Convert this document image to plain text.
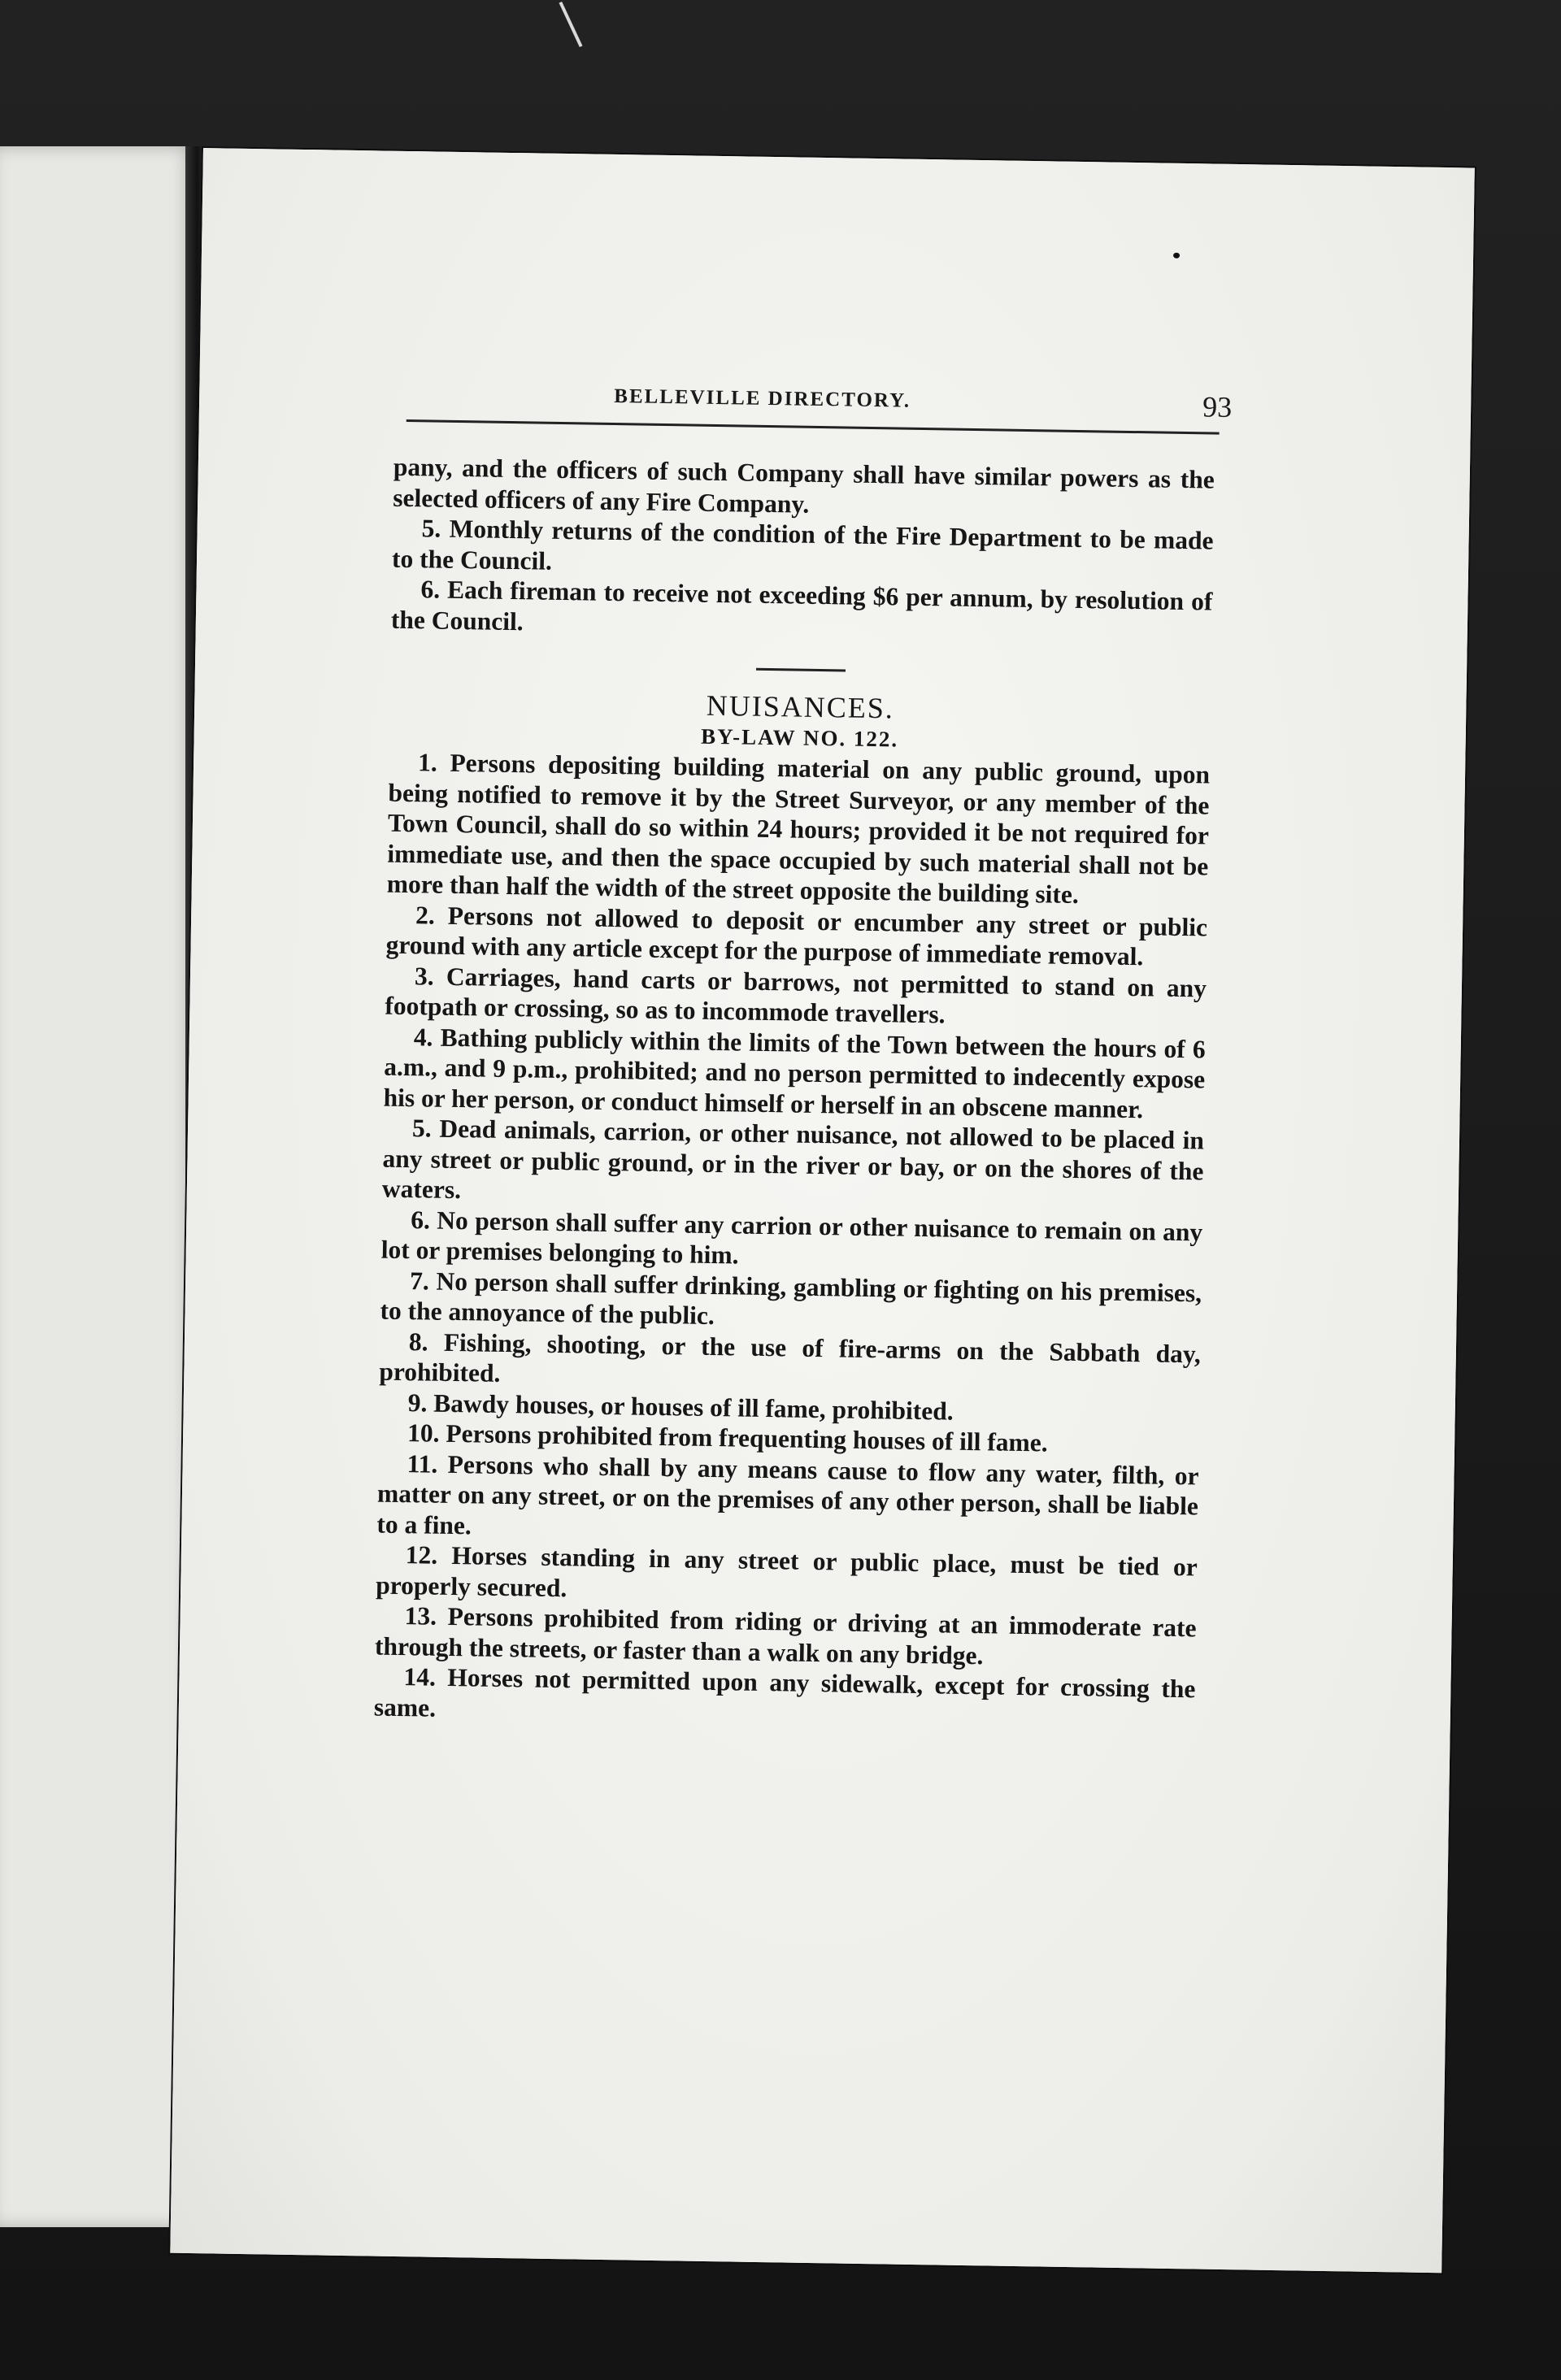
BELLEVILLE DIRECTORY.	93

pany, and the officers of such Company shall have similar powers as the selected officers of any Fire Company.

5. Monthly returns of the condition of the Fire Department to be made to the Council.

6. Each fireman to receive not exceeding $6 per annum, by resolution of the Council.

NUISANCES.

BY-LAW NO. 122.

1. Persons depositing building material on any public ground, upon being notified to remove it by the Street Surveyor, or any member of the Town Council, shall do so within 24 hours; provided it be not required for immediate use, and then the space occupied by such material shall not be more than half the width of the street opposite the building site.

2. Persons not allowed to deposit or encumber any street or public ground with any article except for the purpose of immediate removal.

3. Carriages, hand carts or barrows, not permitted to stand on any footpath or crossing, so as to incommode travellers.

4. Bathing publicly within the limits of the Town between the hours of 6 a.m., and 9 p.m., prohibited; and no person permitted to indecently expose his or her person, or conduct himself or herself in an obscene manner.

5. Dead animals, carrion, or other nuisance, not allowed to be placed in any street or public ground, or in the river or bay, or on the shores of the waters.

6. No person shall suffer any carrion or other nuisance to remain on any lot or premises belonging to him.

7. No person shall suffer drinking, gambling or fighting on his premises, to the annoyance of the public.

8. Fishing, shooting, or the use of fire-arms on the Sabbath day, prohibited.

9. Bawdy houses, or houses of ill fame, prohibited.

10. Persons prohibited from frequenting houses of ill fame.

11. Persons who shall by any means cause to flow any water, filth, or matter on any street, or on the premises of any other person, shall be liable to a fine.

12. Horses standing in any street or public place, must be tied or properly secured.

13. Persons prohibited from riding or driving at an immoderate rate through the streets, or faster than a walk on any bridge.

14. Horses not permitted upon any sidewalk, except for crossing the same.
